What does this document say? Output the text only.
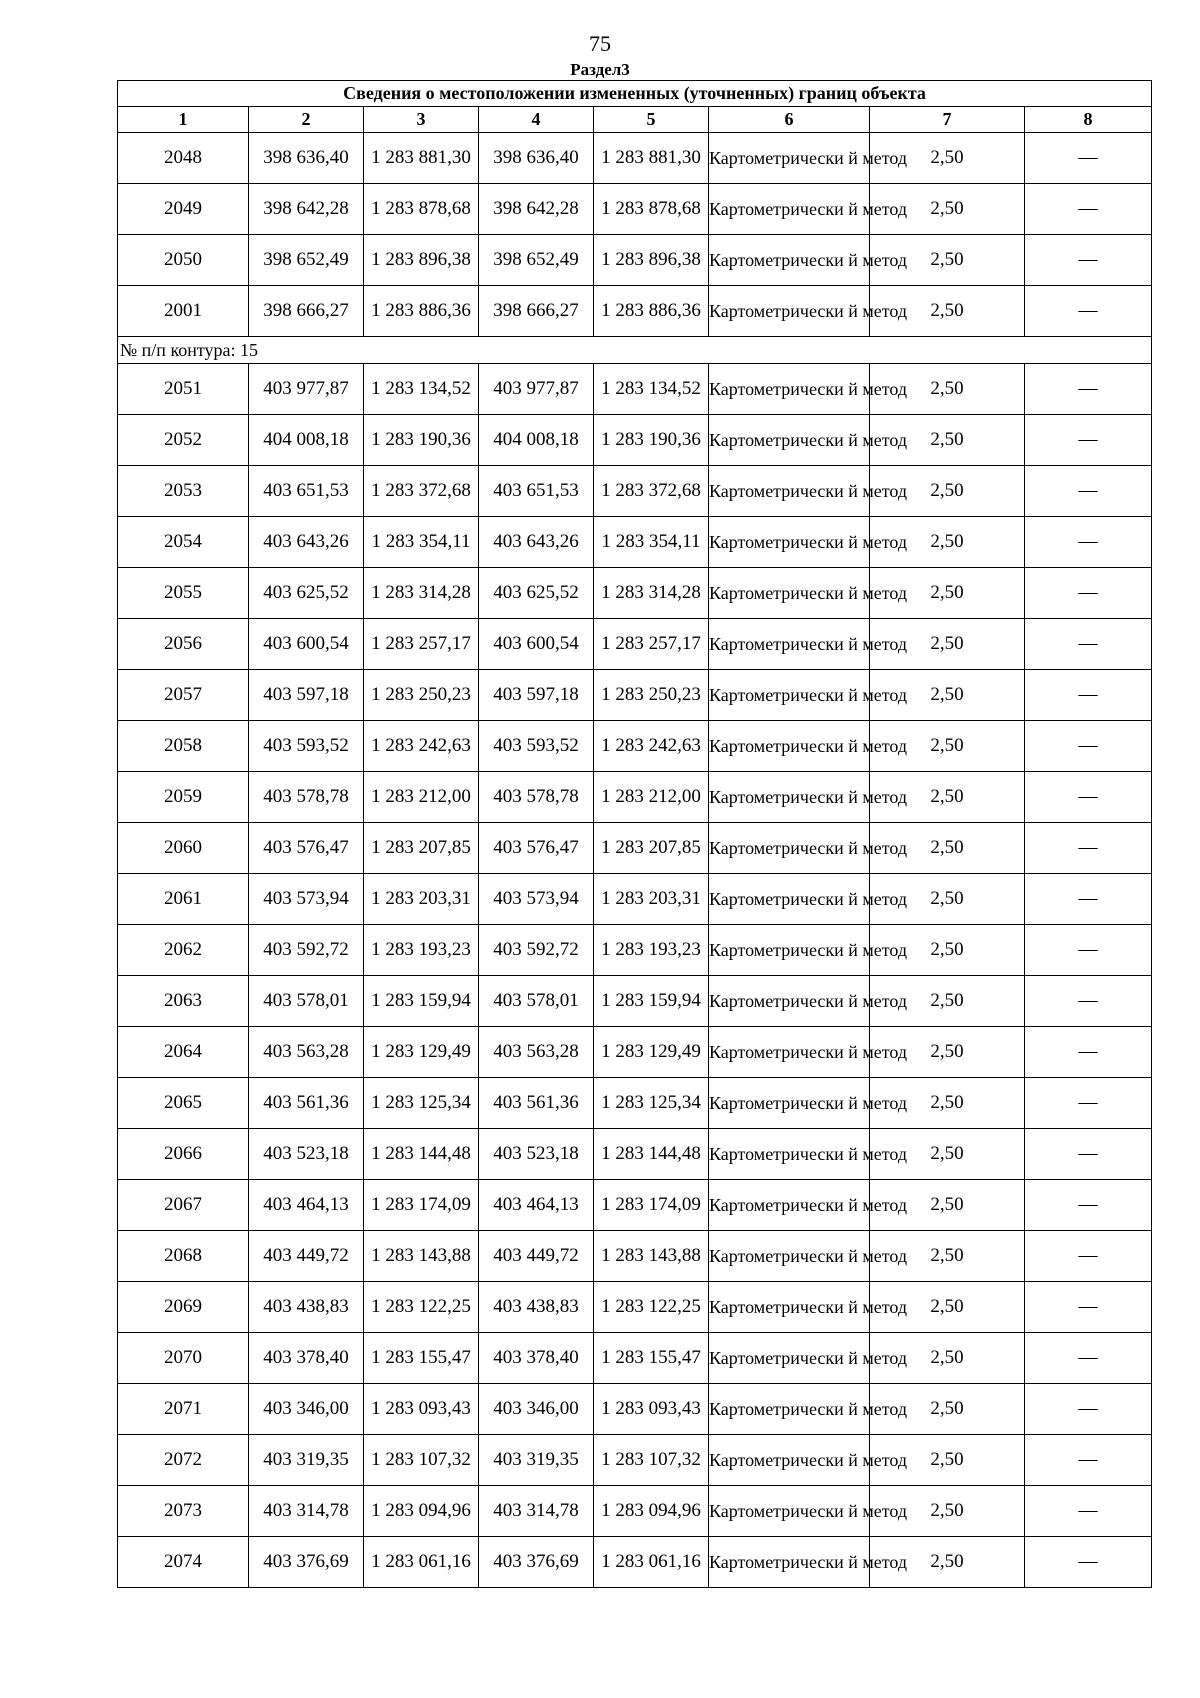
75
Раздел3
Сведения о местоположении измененных (уточненных) границ объекта							
1	2	3	4	5	6	7	8
2048	398 636,40	1 283 881,30	398 636,40	1 283 881,30	Картометрически й метод	2,50	—
2049	398 642,28	1 283 878,68	398 642,28	1 283 878,68	Картометрически й метод	2,50	—
2050	398 652,49	1 283 896,38	398 652,49	1 283 896,38	Картометрически й метод	2,50	—
2001	398 666,27	1 283 886,36	398 666,27	1 283 886,36	Картометрически й метод	2,50	—
№ п/п контура: 15							
2051	403 977,87	1 283 134,52	403 977,87	1 283 134,52	Картометрически й метод	2,50	—
2052	404 008,18	1 283 190,36	404 008,18	1 283 190,36	Картометрически й метод	2,50	—
2053	403 651,53	1 283 372,68	403 651,53	1 283 372,68	Картометрически й метод	2,50	—
2054	403 643,26	1 283 354,11	403 643,26	1 283 354,11	Картометрически й метод	2,50	—
2055	403 625,52	1 283 314,28	403 625,52	1 283 314,28	Картометрически й метод	2,50	—
2056	403 600,54	1 283 257,17	403 600,54	1 283 257,17	Картометрически й метод	2,50	—
2057	403 597,18	1 283 250,23	403 597,18	1 283 250,23	Картометрически й метод	2,50	—
2058	403 593,52	1 283 242,63	403 593,52	1 283 242,63	Картометрически й метод	2,50	—
2059	403 578,78	1 283 212,00	403 578,78	1 283 212,00	Картометрически й метод	2,50	—
2060	403 576,47	1 283 207,85	403 576,47	1 283 207,85	Картометрически й метод	2,50	—
2061	403 573,94	1 283 203,31	403 573,94	1 283 203,31	Картометрически й метод	2,50	—
2062	403 592,72	1 283 193,23	403 592,72	1 283 193,23	Картометрически й метод	2,50	—
2063	403 578,01	1 283 159,94	403 578,01	1 283 159,94	Картометрически й метод	2,50	—
2064	403 563,28	1 283 129,49	403 563,28	1 283 129,49	Картометрически й метод	2,50	—
2065	403 561,36	1 283 125,34	403 561,36	1 283 125,34	Картометрически й метод	2,50	—
2066	403 523,18	1 283 144,48	403 523,18	1 283 144,48	Картометрически й метод	2,50	—
2067	403 464,13	1 283 174,09	403 464,13	1 283 174,09	Картометрически й метод	2,50	—
2068	403 449,72	1 283 143,88	403 449,72	1 283 143,88	Картометрически й метод	2,50	—
2069	403 438,83	1 283 122,25	403 438,83	1 283 122,25	Картометрически й метод	2,50	—
2070	403 378,40	1 283 155,47	403 378,40	1 283 155,47	Картометрически й метод	2,50	—
2071	403 346,00	1 283 093,43	403 346,00	1 283 093,43	Картометрически й метод	2,50	—
2072	403 319,35	1 283 107,32	403 319,35	1 283 107,32	Картометрически й метод	2,50	—
2073	403 314,78	1 283 094,96	403 314,78	1 283 094,96	Картометрически й метод	2,50	—
2074	403 376,69	1 283 061,16	403 376,69	1 283 061,16	Картометрически й метод	2,50	—
